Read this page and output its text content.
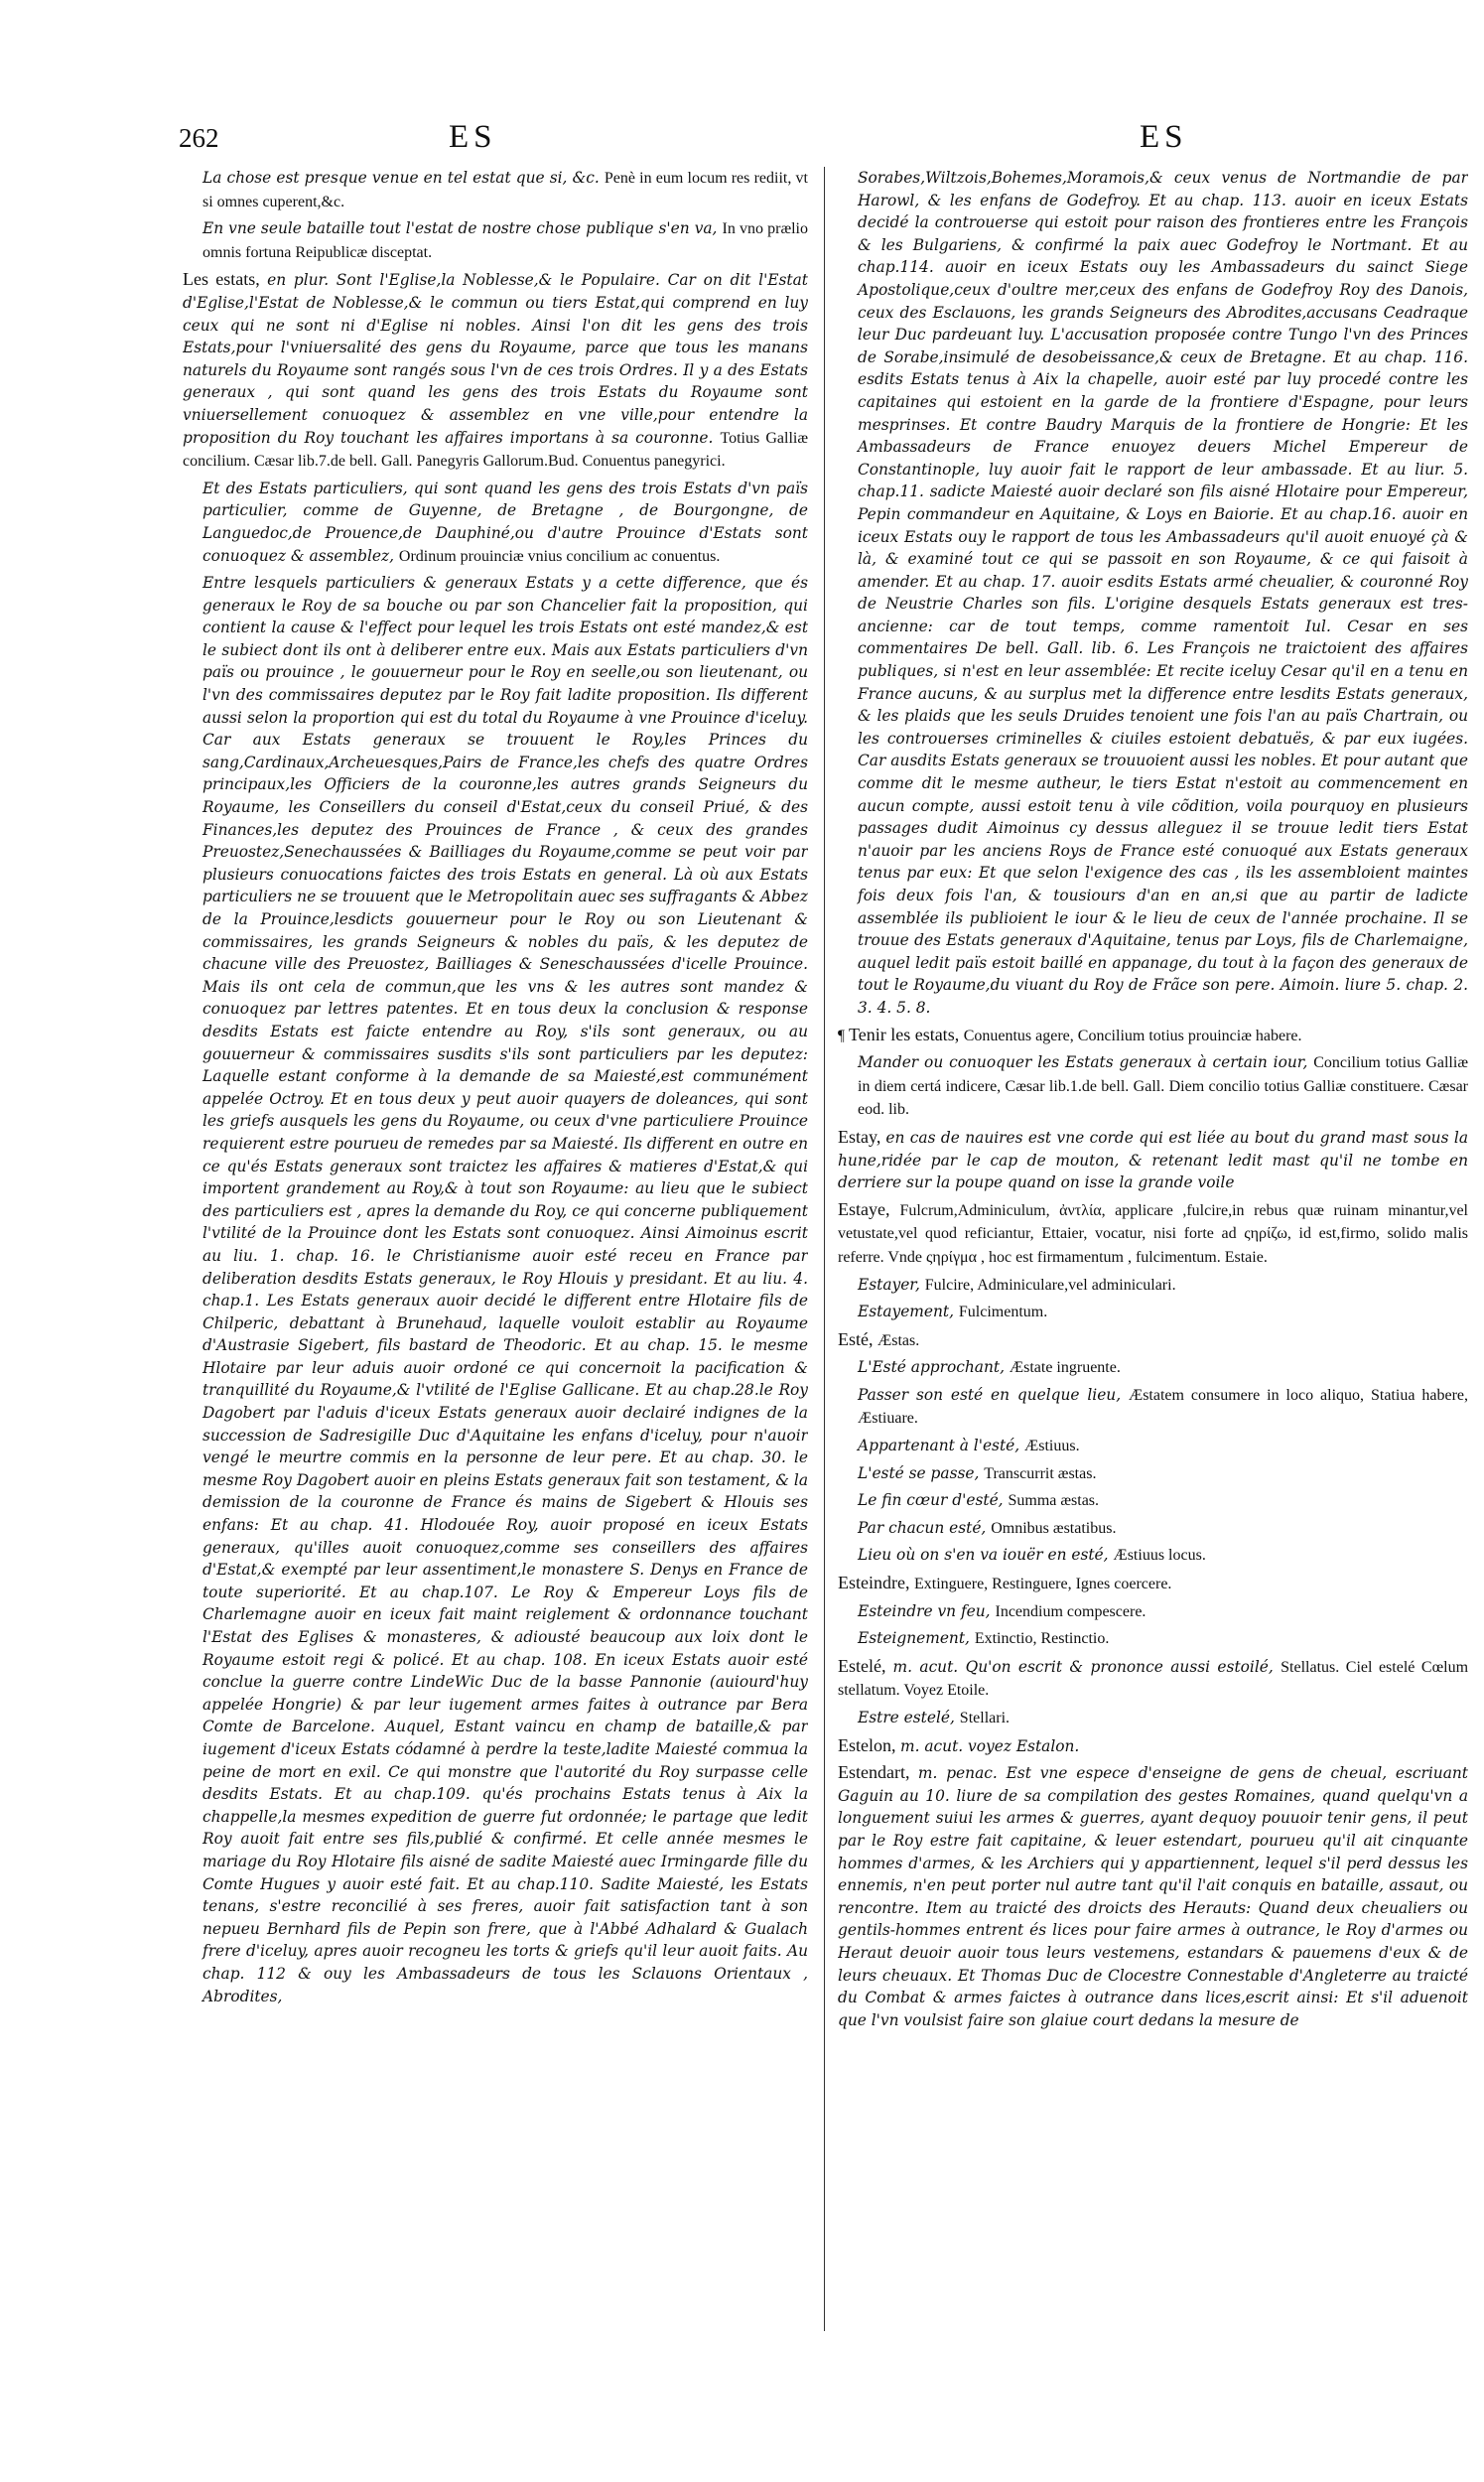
262	ES	ES

La chose est presque venue en tel estat que si, &c. Penè in eum locum res rediit, vt si omnes cuperent,&c.

En vne seule bataille tout l'estat de nostre chose publique s'en va, In vno prælio omnis fortuna Reipublicæ disceptat.

Les estats, en plur. Sont l'Eglise,la Noblesse,& le Populaire. Car on dit l'Estat d'Eglise,l'Estat de Noblesse,& le commun ou tiers Estat,qui comprend en luy ceux qui ne sont ni d'Eglise ni nobles. Ainsi l'on dit les gens des trois Estats,pour l'vniuersalité des gens du Royaume, parce que tous les manans naturels du Royaume sont rangés sous l'vn de ces trois Ordres. Il y a des Estats generaux , qui sont quand les gens des trois Estats du Royaume sont vniuersellement conuoquez & assemblez en vne ville,pour entendre la proposition du Roy touchant les affaires importans à sa couronne. Totius Galliæ concilium. Cæsar lib.7.de bell. Gall. Panegyris Gallorum.Bud. Conuentus panegyrici.

Et des Estats particuliers, qui sont quand les gens des trois Estats d'vn païs particulier, comme de Guyenne, de Bretagne , de Bourgongne, de Languedoc,de Prouence,de Dauphiné,ou d'autre Prouince d'Estats sont conuoquez & assemblez, Ordinum prouinciæ vnius concilium ac conuentus.

Entre lesquels particuliers & generaux Estats y a cette difference, que és generaux le Roy de sa bouche ou par son Chancelier fait la proposition, qui contient la cause & l'effect pour lequel les trois Estats ont esté mandez,& est le subiect dont ils ont à deliberer entre eux. Mais aux Estats particuliers d'vn païs ou prouince , le gouuerneur pour le Roy en seelle,ou son lieutenant, ou l'vn des commissaires deputez par le Roy fait ladite proposition. Ils different aussi selon la proportion qui est du total du Royaume à vne Prouince d'iceluy. Car aux Estats generaux se trouuent le Roy,les Princes du sang,Cardinaux,Archeuesques,Pairs de France,les chefs des quatre Ordres principaux,les Officiers de la couronne,les autres grands Seigneurs du Royaume, les Conseillers du conseil d'Estat,ceux du conseil Priué, & des Finances,les deputez des Prouinces de France , & ceux des grandes Preuostez,Senechaussées & Bailliages du Royaume,comme se peut voir par plusieurs conuocations faictes des trois Estats en general. Là où aux Estats particuliers ne se trouuent que le Metropolitain auec ses suffragants & Abbez de la Prouince,lesdicts gouuerneur pour le Roy ou son Lieutenant & commissaires, les grands Seigneurs & nobles du païs, & les deputez de chacune ville des Preuostez, Bailliages & Seneschaussées d'icelle Prouince. Mais ils ont cela de commun,que les vns & les autres sont mandez & conuoquez par lettres patentes. Et en tous deux la conclusion & response desdits Estats est faicte entendre au Roy, s'ils sont generaux, ou au gouuerneur & commissaires susdits s'ils sont particuliers par les deputez: Laquelle estant conforme à la demande de sa Maiesté,est communément appelée Octroy. Et en tous deux y peut auoir quayers de doleances, qui sont les griefs ausquels les gens du Royaume, ou ceux d'vne particuliere Prouince requierent estre pourueu de remedes par sa Maiesté. Ils different en outre en ce qu'és Estats generaux sont traictez les affaires & matieres d'Estat,& qui importent grandement au Roy,& à tout son Royaume: au lieu que le subiect des particuliers est , apres la demande du Roy, ce qui concerne publiquement l'vtilité de la Prouince dont les Estats sont conuoquez. Ainsi Aimoinus escrit au liu. 1. chap. 16. le Christianisme auoir esté receu en France par deliberation desdits Estats generaux, le Roy Hlouis y presidant. Et au liu. 4. chap.1. Les Estats generaux auoir decidé le different entre Hlotaire fils de Chilperic, debattant à Brunehaud, laquelle vouloit establir au Royaume d'Austrasie Sigebert, fils bastard de Theodoric. Et au chap. 15. le mesme Hlotaire par leur aduis auoir ordoné ce qui concernoit la pacification & tranquillité du Royaume,& l'vtilité de l'Eglise Gallicane. Et au chap.28.le Roy Dagobert par l'aduis d'iceux Estats generaux auoir declairé indignes de la succession de Sadresigille Duc d'Aquitaine les enfans d'iceluy, pour n'auoir vengé le meurtre commis en la personne de leur pere. Et au chap. 30. le mesme Roy Dagobert auoir en pleins Estats generaux fait son testament, & la demission de la couronne de France és mains de Sigebert & Hlouis ses enfans: Et au chap. 41. Hlodouée Roy, auoir proposé en iceux Estats generaux, qu'illes auoit conuoquez,comme ses conseillers des affaires d'Estat,& exempté par leur assentiment,le monastere S. Denys en France de toute superiorité. Et au chap.107. Le Roy & Empereur Loys fils de Charlemagne auoir en iceux fait maint reiglement & ordonnance touchant l'Estat des Eglises & monasteres, & adiousté beaucoup aux loix dont le Royaume estoit regi & policé. Et au chap. 108. En iceux Estats auoir esté conclue la guerre contre LindeWic Duc de la basse Pannonie (auiourd'huy appelée Hongrie) & par leur iugement armes faites à outrance par Bera Comte de Barcelone. Auquel, Estant vaincu en champ de bataille,& par iugement d'iceux Estats códamné à perdre la teste,ladite Maiesté commua la peine de mort en exil. Ce qui monstre que l'autorité du Roy surpasse celle desdits Estats. Et au chap.109. qu'és prochains Estats tenus à Aix la chappelle,la mesmes expedition de guerre fut ordonnée; le partage que ledit Roy auoit fait entre ses fils,publié & confirmé. Et celle année mesmes le mariage du Roy Hlotaire fils aisné de sadite Maiesté auec Irmingarde fille du Comte Hugues y auoir esté fait. Et au chap.110. Sadite Maiesté, les Estats tenans, s'estre reconcilié à ses freres, auoir fait satisfaction tant à son nepueu Bernhard fils de Pepin son frere, que à l'Abbé Adhalard & Gualach frere d'iceluy, apres auoir recogneu les torts & griefs qu'il leur auoit faits. Au chap. 112 & ouy les Ambassadeurs de tous les Sclauons Orientaux , Abrodites,

Sorabes,Wiltzois,Bohemes,Moramois,& ceux venus de Nortmandie de par Harowl, & les enfans de Godefroy. Et au chap. 113. auoir en iceux Estats decidé la controuerse qui estoit pour raison des frontieres entre les François & les Bulgariens, & confirmé la paix auec Godefroy le Nortmant. Et au chap.114. auoir en iceux Estats ouy les Ambassadeurs du sainct Siege Apostolique,ceux d'oultre mer,ceux des enfans de Godefroy Roy des Danois, ceux des Esclauons, les grands Seigneurs des Abrodites,accusans Ceadraque leur Duc pardeuant luy. L'accusation proposée contre Tungo l'vn des Princes de Sorabe,insimulé de desobeissance,& ceux de Bretagne. Et au chap. 116. esdits Estats tenus à Aix la chapelle, auoir esté par luy procedé contre les capitaines qui estoient en la garde de la frontiere d'Espagne, pour leurs mesprinses. Et contre Baudry Marquis de la frontiere de Hongrie: Et les Ambassadeurs de France enuoyez deuers Michel Empereur de Constantinople, luy auoir fait le rapport de leur ambassade. Et au liur. 5. chap.11. sadicte Maiesté auoir declaré son fils aisné Hlotaire pour Empereur, Pepin commandeur en Aquitaine, & Loys en Baiorie. Et au chap.16. auoir en iceux Estats ouy le rapport de tous les Ambassadeurs qu'il auoit enuoyé çà & là, & examiné tout ce qui se passoit en son Royaume, & ce qui faisoit à amender. Et au chap. 17. auoir esdits Estats armé cheualier, & couronné Roy de Neustrie Charles son fils. L'origine desquels Estats generaux est tres-ancienne: car de tout temps, comme ramentoit Iul. Cesar en ses commentaires De bell. Gall. lib. 6. Les François ne traictoient des affaires publiques, si n'est en leur assemblée: Et recite iceluy Cesar qu'il en a tenu en France aucuns, & au surplus met la difference entre lesdits Estats generaux, & les plaids que les seuls Druides tenoient une fois l'an au païs Chartrain, ou les controuerses criminelles & ciuiles estoient debatuës, & par eux iugées. Car ausdits Estats generaux se trouuoient aussi les nobles. Et pour autant que comme dit le mesme autheur, le tiers Estat n'estoit au commencement en aucun compte, aussi estoit tenu à vile cõdition, voila pourquoy en plusieurs passages dudit Aimoinus cy dessus alleguez il se trouue ledit tiers Estat n'auoir par les anciens Roys de France esté conuoqué aux Estats generaux tenus par eux: Et que selon l'exigence des cas , ils les assembloient maintes fois deux fois l'an, & tousiours d'an en an,si que au partir de ladicte assemblée ils publioient le iour & le lieu de ceux de l'année prochaine. Il se trouue des Estats generaux d'Aquitaine, tenus par Loys, fils de Charlemaigne, auquel ledit païs estoit baillé en appanage, du tout à la façon des generaux de tout le Royaume,du viuant du Roy de Frãce son pere. Aimoin. liure 5. chap. 2. 3. 4. 5. 8.

¶ Tenir les estats, Conuentus agere, Concilium totius prouinciæ habere.

Mander ou conuoquer les Estats generaux à certain iour, Concilium totius Galliæ in diem certá indicere, Cæsar lib.1.de bell. Gall. Diem concilio totius Galliæ constituere. Cæsar eod. lib.

Estay, en cas de nauires est vne corde qui est liée au bout du grand mast sous la hune,ridée par le cap de mouton, & retenant ledit mast qu'il ne tombe en derriere sur la poupe quand on isse la grande voile

Estaye, Fulcrum,Adminiculum, ἀντλία, applicare ,fulcire,in rebus quæ ruinam minantur,vel vetustate,vel quod reficiantur, Ettaier, vocatur, nisi forte ad ςηρίζω, id est,firmo, solido malis referre. Vnde ςηρίγμα , hoc est firmamentum , fulcimentum. Estaie.

Estayer, Fulcire, Adminiculare,vel adminiculari.

Estayement, Fulcimentum.

Esté, Æstas.

L'Esté approchant, Æstate ingruente.

Passer son esté en quelque lieu, Æstatem consumere in loco aliquo, Statiua habere, Æstiuare.

Appartenant à l'esté, Æstiuus.

L'esté se passe, Transcurrit æstas.

Le fin cœur d'esté, Summa æstas.

Par chacun esté, Omnibus æstatibus.

Lieu où on s'en va iouër en esté, Æstiuus locus.

Esteindre, Extinguere, Restinguere, Ignes coercere.

Esteindre vn feu, Incendium compescere.

Esteignement, Extinctio, Restinctio.

Estelé, m. acut. Qu'on escrit & prononce aussi estoilé, Stellatus. Ciel estelé Cœlum stellatum. Voyez Etoile.

Estre estelé, Stellari.

Estelon, m. acut. voyez Estalon.

Estendart, m. penac. Est vne espece d'enseigne de gens de cheual, escriuant Gaguin au 10. liure de sa compilation des gestes Romaines, quand quelqu'vn a longuement suiui les armes & guerres, ayant dequoy pouuoir tenir gens, il peut par le Roy estre fait capitaine, & leuer estendart, pourueu qu'il ait cinquante hommes d'armes, & les Archiers qui y appartiennent, lequel s'il perd dessus les ennemis, n'en peut porter nul autre tant qu'il l'ait conquis en bataille, assaut, ou rencontre. Item au traicté des droicts des Herauts: Quand deux cheualiers ou gentils-hommes entrent és lices pour faire armes à outrance, le Roy d'armes ou Heraut deuoir auoir tous leurs vestemens, estandars & pauemens d'eux & de leurs cheuaux. Et Thomas Duc de Clocestre Connestable d'Angleterre au traicté du Combat & armes faictes à outrance dans lices,escrit ainsi: Et s'il aduenoit que l'vn voulsist faire son glaiue court dedans la mesure de
